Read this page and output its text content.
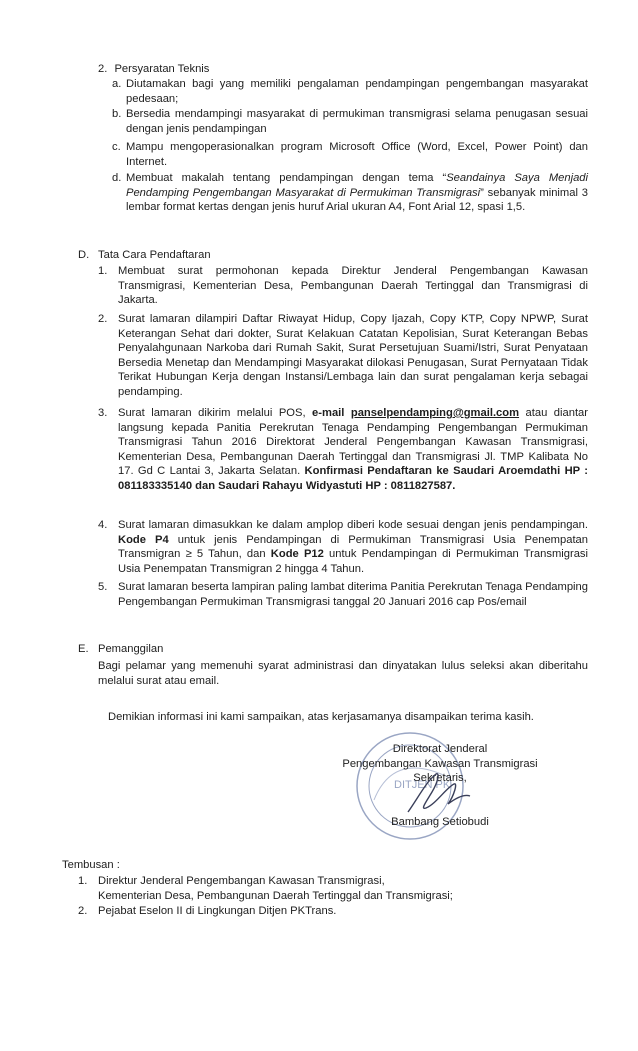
2. Persyaratan Teknis
a. Diutamakan bagi yang memiliki pengalaman pendampingan pengembangan masyarakat pedesaan;

b. Bersedia mendampingi masyarakat di permukiman transmigrasi selama penugasan sesuai dengan jenis pendampingan

c. Mampu mengoperasionalkan program Microsoft Office (Word, Excel, Power Point) dan Internet.

d. Membuat makalah tentang pendampingan dengan tema “Seandainya Saya Menjadi Pendamping Pengembangan Masyarakat di Permukiman Transmigrasi” sebanyak minimal 3 lembar format kertas dengan jenis huruf Arial ukuran A4, Font Arial 12, spasi 1,5.

D. Tata Cara Pendaftaran
1. Membuat surat permohonan kepada Direktur Jenderal Pengembangan Kawasan Transmigrasi, Kementerian Desa, Pembangunan Daerah Tertinggal dan Transmigrasi di Jakarta.

2. Surat lamaran dilampiri Daftar Riwayat Hidup, Copy Ijazah, Copy KTP, Copy NPWP, Surat Keterangan Sehat dari dokter, Surat Kelakuan Catatan Kepolisian, Surat Keterangan Bebas Penyalahgunaan Narkoba dari Rumah Sakit, Surat Persetujuan Suami/Istri, Surat Penyataan Bersedia Menetap dan Mendampingi Masyarakat dilokasi Penugasan, Surat Pernyataan Tidak Terikat Hubungan Kerja dengan Instansi/Lembaga lain dan surat pengalaman kerja sebagai pendamping.

3. Surat lamaran dikirim melalui POS, e-mail panselpendamping@gmail.com atau diantar langsung kepada Panitia Perekrutan Tenaga Pendamping Pengembangan Permukiman Transmigrasi Tahun 2016 Direktorat Jenderal Pengembangan Kawasan Transmigrasi, Kementerian Desa, Pembangunan Daerah Tertinggal dan Transmigrasi Jl. TMP Kalibata No 17. Gd C Lantai 3, Jakarta Selatan. Konfirmasi Pendaftaran ke Saudari Aroemdathi HP : 081183335140 dan Saudari Rahayu Widyastuti HP : 0811827587.

4. Surat lamaran dimasukkan ke dalam amplop diberi kode sesuai dengan jenis pendampingan. Kode P4 untuk jenis Pendampingan di Permukiman Transmigrasi Usia Penempatan Transmigran ≥ 5 Tahun, dan Kode P12 untuk Pendampingan di Permukiman Transmigrasi Usia Penempatan Transmigran 2 hingga 4 Tahun.

5. Surat lamaran beserta lampiran paling lambat diterima Panitia Perekrutan Tenaga Pendamping Pengembangan Permukiman Transmigrasi tanggal 20 Januari 2016 cap Pos/email

E. Pemanggilan

Bagi pelamar yang memenuhi syarat administrasi dan dinyatakan lulus seleksi akan diberitahu melalui surat atau email.

Demikian informasi ini kami sampaikan, atas kerjasamanya disampaikan terima kasih.

DITJEN PK
Direktorat Jenderal
Pengembangan Kawasan Transmigrasi
Sekretaris,
Bambang Setiobudi
Tembusan :
1. Direktur Jenderal Pengembangan Kawasan Transmigrasi,
Kementerian Desa, Pembangunan Daerah Tertinggal dan Transmigrasi;
2. Pejabat Eselon II di Lingkungan Ditjen PKTrans.
